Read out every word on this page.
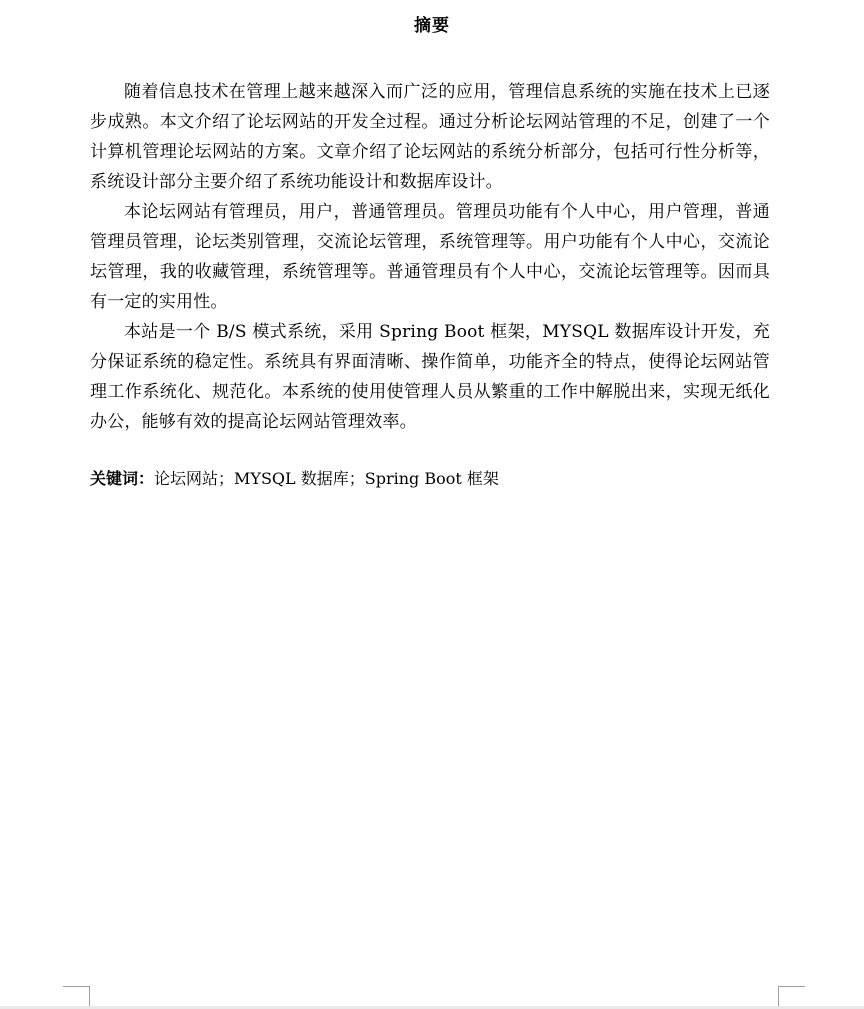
摘要

随着信息技术在管理上越来越深入而广泛的应用，管理信息系统的实施在技术上已逐步成熟。本文介绍了论坛网站的开发全过程。通过分析论坛网站管理的不足，创建了一个计算机管理论坛网站的方案。文章介绍了论坛网站的系统分析部分，包括可行性分析等，系统设计部分主要介绍了系统功能设计和数据库设计。

本论坛网站有管理员，用户，普通管理员。管理员功能有个人中心，用户管理，普通管理员管理，论坛类别管理，交流论坛管理，系统管理等。用户功能有个人中心，交流论坛管理，我的收藏管理，系统管理等。普通管理员有个人中心，交流论坛管理等。因而具有一定的实用性。

本站是一个 B/S 模式系统，采用 Spring Boot 框架，MYSQL 数据库设计开发，充分保证系统的稳定性。系统具有界面清晰、操作简单，功能齐全的特点，使得论坛网站管理工作系统化、规范化。本系统的使用使管理人员从繁重的工作中解脱出来，实现无纸化办公，能够有效的提高论坛网站管理效率。

关键词：论坛网站；MYSQL 数据库；Spring Boot 框架
